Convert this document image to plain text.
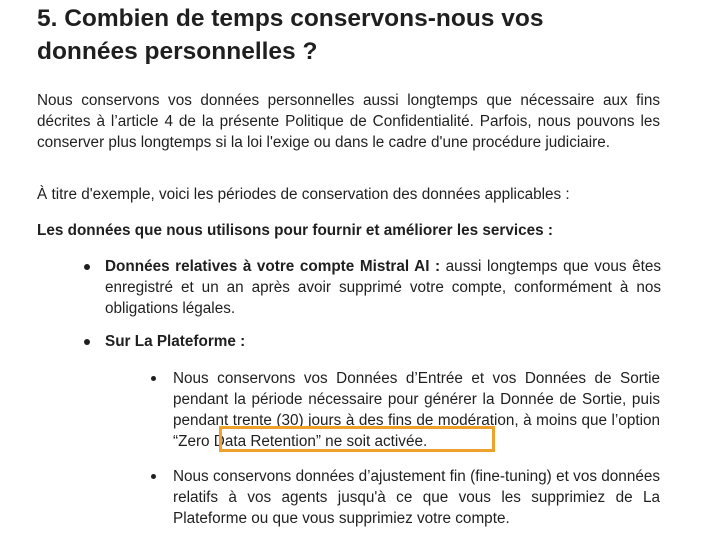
5. Combien de temps conservons-nous vos
données personnelles ?

Nous conservons vos données personnelles aussi longtemps que nécessaire aux fins décrites à l’article 4 de la présente Politique de Confidentialité. Parfois, nous pouvons les conserver plus longtemps si la loi l'exige ou dans le cadre d'une procédure judiciaire.

À titre d'exemple, voici les périodes de conservation des données applicables :

Les données que nous utilisons pour fournir et améliorer les services :

Données relatives à votre compte Mistral AI : aussi longtemps que vous êtes enregistré et un an après avoir supprimé votre compte, conformément à nos obligations légales.
Sur La Plateforme :
Nous conservons vos Données d’Entrée et vos Données de Sortie pendant la période nécessaire pour générer la Donnée de Sortie, puis pendant trente (30) jours à des fins de modération, à moins que l’option “Zero Data Retention” ne soit activée.
Nous conservons données d’ajustement fin (fine-tuning) et vos données relatifs à vos agents jusqu'à ce que vous les supprimiez de La Plateforme ou que vous supprimiez votre compte.
